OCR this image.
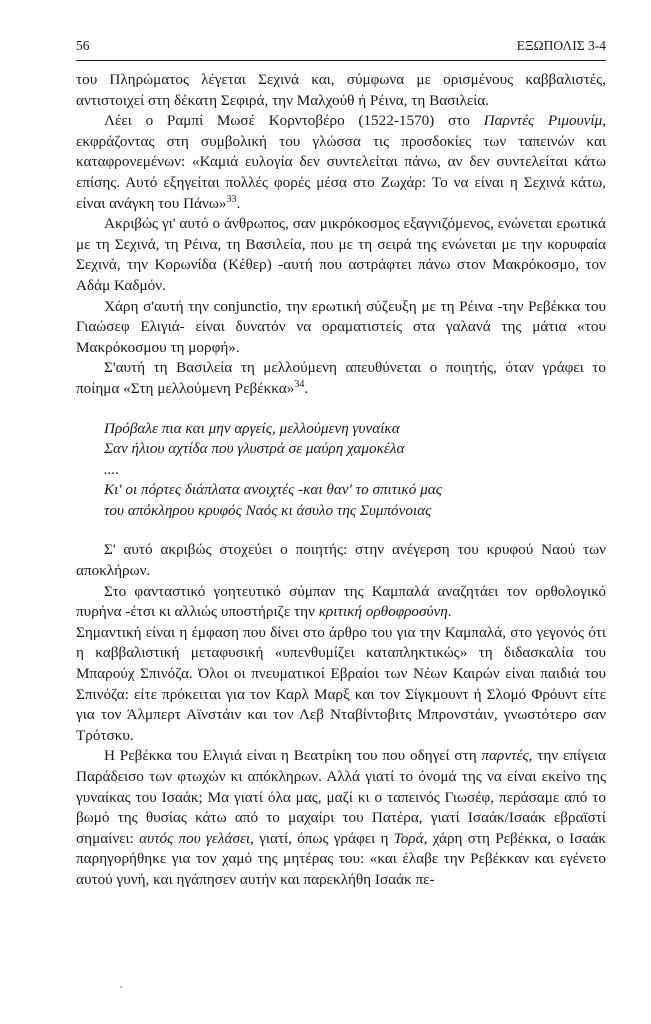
56	ΕΞΩΠΟΛΙΣ 3-4

του Πληρώματος λέγεται Σεχινά και, σύμφωνα με ορισμένους καββαλιστές, αντιστοιχεί στη δέκατη Σεφιρά, την Μαλχούθ ή Ρέινα, τη Βασιλεία.

Λέει ο Ραμπί Μωσέ Κορντοβέρο (1522-1570) στο Παρντές Ριμουνίμ, εκφράζοντας στη συμβολική του γλώσσα τις προσδοκίες των ταπεινών και καταφρονεμένων: «Καμιά ευλογία δεν συντελείται πάνω, αν δεν συντελείται κάτω επίσης. Αυτό εξηγείται πολλές φορές μέσα στο Ζωχάρ: Το να είναι η Σεχινά κάτω, είναι ανάγκη του Πάνω»$^{33}$.

Ακριβώς γι' αυτό ο άνθρωπος, σαν μικρόκοσμος εξαγνιζόμενος, ενώνεται ερωτικά με τη Σεχινά, τη Ρέινα, τη Βασιλεία, που με τη σειρά της ενώνεται με την κορυφαία Σεχινά, την Κορωνίδα (Κέθερ) -αυτή που αστράφτει πάνω στον Μακρόκοσμο, τον Αδάμ Καδμόν.

Χάρη σ'αυτή την conjunctio, την ερωτική σύζευξη με τη Ρέινα -την Ρεβέκκα του Γιαώσεφ Ελιγιά- είναι δυνατόν να οραματιστείς στα γαλανά της μάτια «του Μακρόκοσμου τη μορφή».

Σ'αυτή τη Βασιλεία τη μελλούμενη απευθύνεται ο ποιητής, όταν γράφει το ποίημα «Στη μελλούμενη Ρεβέκκα»$^{34}$.

Πρόβαλε πια και μην αργείς, μελλούμενη γυναίκα

Σαν ήλιου αχτίδα που γλυστρά σε μαύρη χαμοκέλα

....

Κι' οι πόρτες διάπλατα ανοιχτές -και θαν' το σπιτικό μας

του απόκληρου κρυφός Ναός κι άσυλο της Συμπόνοιας

Σ' αυτό ακριβώς στοχεύει ο ποιητής: στην ανέγερση του κρυφού Ναού των αποκλήρων.

Στο φανταστικό γοητευτικό σύμπαν της Καμπαλά αναζητάει τον ορθολογικό πυρήνα -έτσι κι αλλιώς υποστήριζε την κριτική ορθοφροσύνη.

Σημαντική είναι η έμφαση που δίνει στο άρθρο του για την Καμπαλά, στο γεγονός ότι η καββαλιστική μεταφυσική «υπενθυμίζει καταπληκτικώς» τη διδασκαλία του Μπαρούχ Σπινόζα. Όλοι οι πνευματικοί Εβραίοι των Νέων Καιρών είναι παιδιά του Σπινόζα: είτε πρόκειται για τον Καρλ Μαρξ και τον Σίγκμουντ ή Σλομό Φρόυντ είτε για τον Άλμπερτ Αϊνστάιν και τον Λεβ Νταβίντοβιτς Μπρονστάιν, γνωστότερο σαν Τρότσκυ.

Η Ρεβέκκα του Ελιγιά είναι η Βεατρίκη του που οδηγεί στη παρντές, την επίγεια Παράδεισο των φτωχών κι απόκληρων. Αλλά γιατί το όνομά της να είναι εκείνο της γυναίκας του Ισαάκ; Μα γιατί όλα μας, μαζί κι ο ταπεινός Γιωσέφ, περάσαμε από το βωμό της θυσίας κάτω από το μαχαίρι του Πατέρα, γιατί Ισαάκ/Ισαάκ εβραϊστί σημαίνει: αυτός που γελάσει, γιατί, όπως γράφει η Τορά, χάρη στη Ρεβέκκα, ο Ισαάκ παρηγορήθηκε για τον χαμό της μητέρας του: «και έλαβε την Ρεβέκκαν και εγένετο αυτού γυνή, και ηγάπησεν αυτήν και παρεκλήθη Ισαάκ πε-
